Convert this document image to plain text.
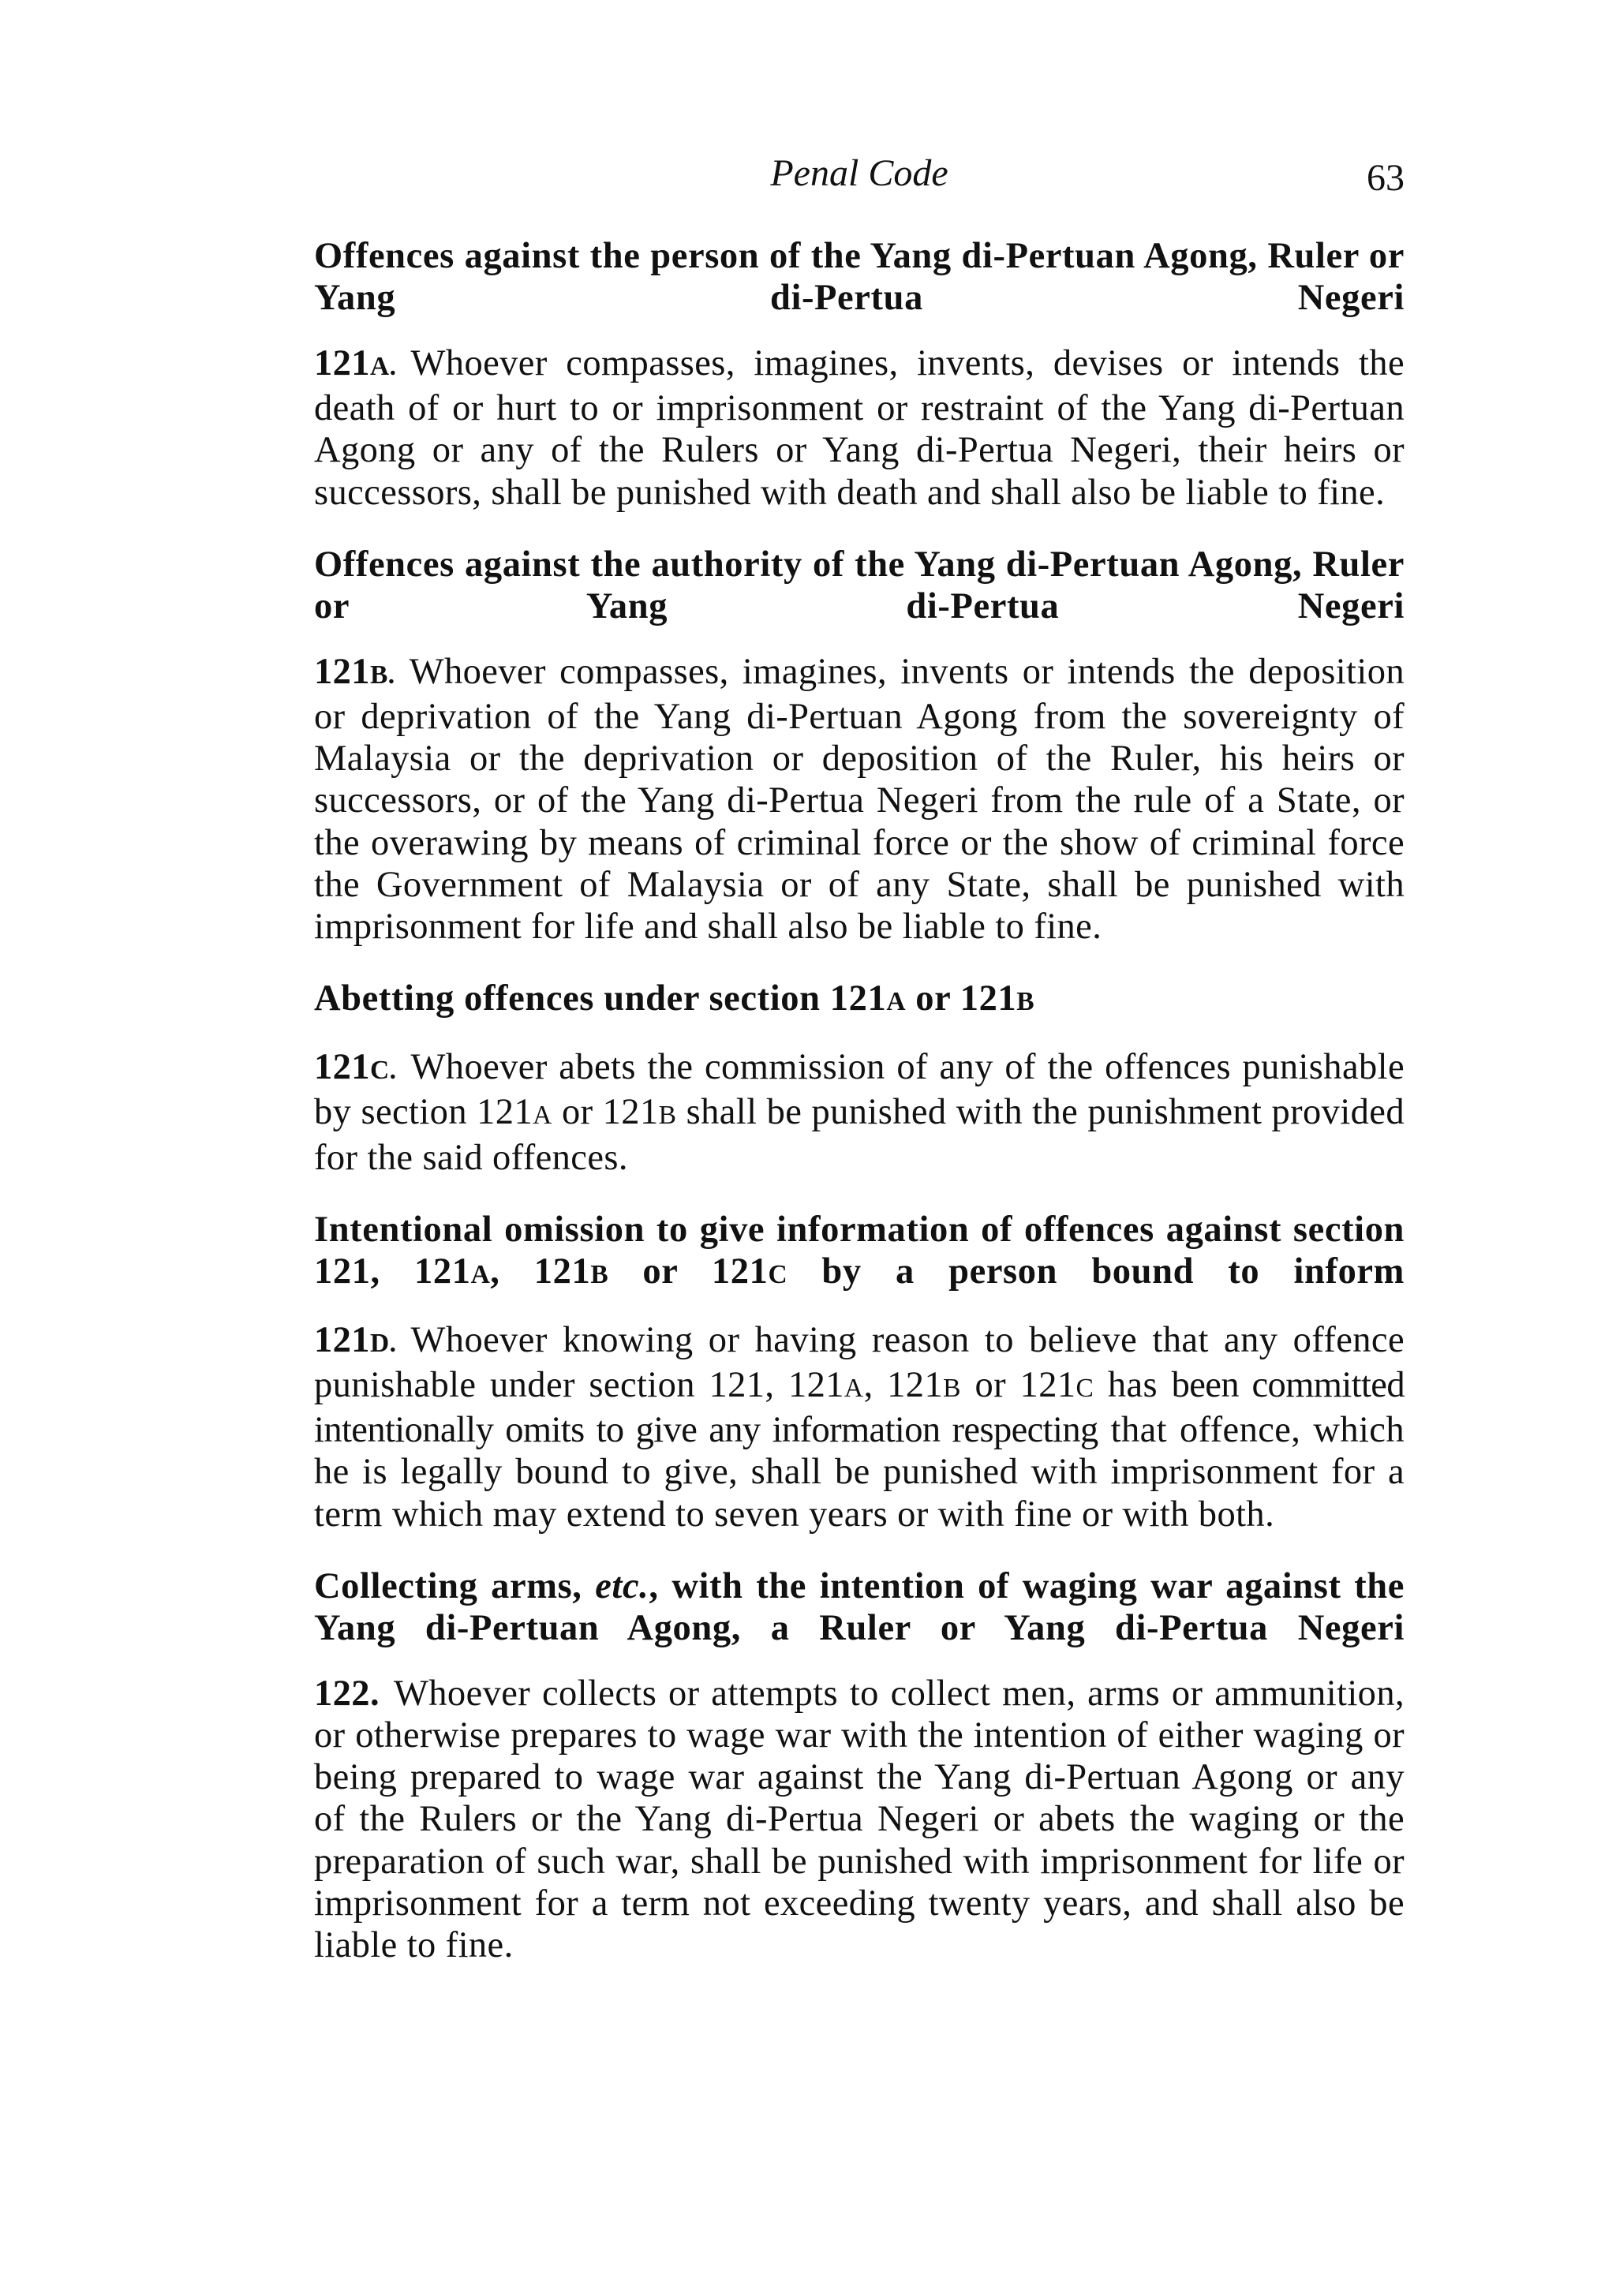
Penal Code	63
Offences against the person of the Yang di-Pertuan Agong, Ruler or Yang di-Pertua Negeri

121A. Whoever compasses, imagines, invents, devises or intends the death of or hurt to or imprisonment or restraint of the Yang di-Pertuan Agong or any of the Rulers or Yang di-Pertua Negeri, their heirs or successors, shall be punished with death and shall also be liable to fine.

Offences against the authority of the Yang di-Pertuan Agong, Ruler or Yang di-Pertua Negeri

121B. Whoever compasses, imagines, invents or intends the deposition or deprivation of the Yang di-Pertuan Agong from the sovereignty of Malaysia or the deprivation or deposition of the Ruler, his heirs or successors, or of the Yang di-Pertua Negeri from the rule of a State, or the overawing by means of criminal force or the show of criminal force the Government of Malaysia or of any State, shall be punished with imprisonment for life and shall also be liable to fine.

Abetting offences under section 121A or 121B

121C. Whoever abets the commission of any of the offences punishable by section 121A or 121B shall be punished with the punishment provided for the said offences.

Intentional omission to give information of offences against section 121, 121A, 121B or 121C by a person bound to inform

121D. Whoever knowing or having reason to believe that any offence punishable under section 121, 121A, 121B or 121C has been committed intentionally omits to give any information respecting that offence, which he is legally bound to give, shall be punished with imprisonment for a term which may extend to seven years or with fine or with both.

Collecting arms, etc., with the intention of waging war against the Yang di-Pertuan Agong, a Ruler or Yang di-Pertua Negeri

122. Whoever collects or attempts to collect men, arms or ammunition, or otherwise prepares to wage war with the intention of either waging or being prepared to wage war against the Yang di-Pertuan Agong or any of the Rulers or the Yang di-Pertua Negeri or abets the waging or the preparation of such war, shall be punished with imprisonment for life or imprisonment for a term not exceeding twenty years, and shall also be liable to fine.
